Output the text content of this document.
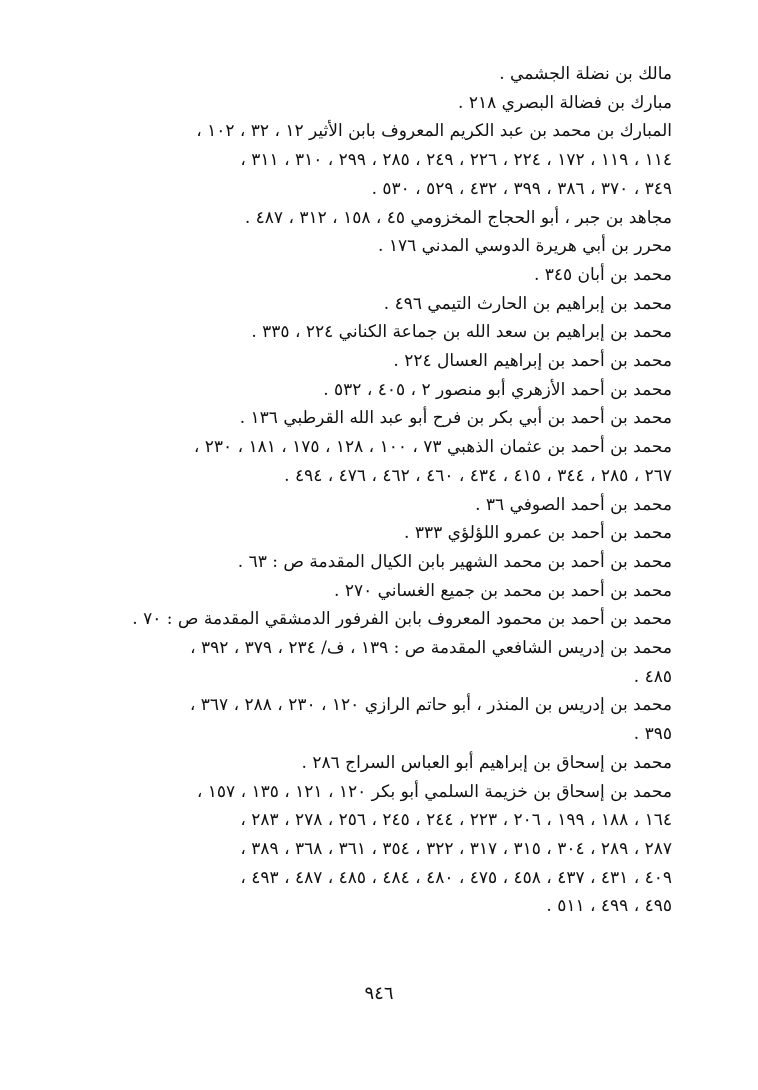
مالك بن نضلة الجشمي .
مبارك بن فضالة البصري ٢١٨ .
المبارك بن محمد بن عبد الكريم المعروف بابن الأثير ١٢ ، ٣٢ ، ١٠٢ ،
١١٤ ، ١١٩ ، ١٧٢ ، ٢٢٤ ، ٢٢٦ ، ٢٤٩ ، ٢٨٥ ، ٢٩٩ ، ٣١٠ ، ٣١١ ،
٣٤٩ ، ٣٧٠ ، ٣٨٦ ، ٣٩٩ ، ٤٣٢ ، ٥٢٩ ، ٥٣٠ .
مجاهد بن جبر ، أبو الحجاج المخزومي ٤٥ ، ١٥٨ ، ٣١٢ ، ٤٨٧ .
محرر بن أبي هريرة الدوسي المدني ١٧٦ .
محمد بن أبان ٣٤٥ .
محمد بن إبراهيم بن الحارث التيمي ٤٩٦ .
محمد بن إبراهيم بن سعد الله بن جماعة الكناني ٢٢٤ ، ٣٣٥ .
محمد بن أحمد بن إبراهيم العسال ٢٢٤ .
محمد بن أحمد الأزهري أبو منصور ٢ ، ٤٠٥ ، ٥٣٢ .
محمد بن أحمد بن أبي بكر بن فرح أبو عبد الله القرطبي ١٣٦ .
محمد بن أحمد بن عثمان الذهبي ٧٣ ، ١٠٠ ، ١٢٨ ، ١٧٥ ، ١٨١ ، ٢٣٠ ،
٢٦٧ ، ٢٨٥ ، ٣٤٤ ، ٤١٥ ، ٤٣٤ ، ٤٦٠ ، ٤٦٢ ، ٤٧٦ ، ٤٩٤ .
محمد بن أحمد الصوفي ٣٦ .
محمد بن أحمد بن عمرو اللؤلؤي ٣٣٣ .
محمد بن أحمد بن محمد الشهير بابن الكيال المقدمة ص : ٦٣ .
محمد بن أحمد بن محمد بن جميع الغساني ٢٧٠ .
محمد بن أحمد بن محمود المعروف بابن الفرفور الدمشقي المقدمة ص : ٧٠ .
محمد بن إدريس الشافعي المقدمة ص : ١٣٩ ، ف/ ٢٣٤ ، ٣٧٩ ، ٣٩٢ ،
٤٨٥ .
محمد بن إدريس بن المنذر ، أبو حاتم الرازي ١٢٠ ، ٢٣٠ ، ٢٨٨ ، ٣٦٧ ،
٣٩٥ .
محمد بن إسحاق بن إبراهيم أبو العباس السراج ٢٨٦ .
محمد بن إسحاق بن خزيمة السلمي أبو بكر ١٢٠ ، ١٢١ ، ١٣٥ ، ١٥٧ ،
١٦٤ ، ١٨٨ ، ١٩٩ ، ٢٠٦ ، ٢٢٣ ، ٢٤٤ ، ٢٤٥ ، ٢٥٦ ، ٢٧٨ ، ٢٨٣ ،
٢٨٧ ، ٢٨٩ ، ٣٠٤ ، ٣١٥ ، ٣١٧ ، ٣٢٢ ، ٣٥٤ ، ٣٦١ ، ٣٦٨ ، ٣٨٩ ،
٤٠٩ ، ٤٣١ ، ٤٣٧ ، ٤٥٨ ، ٤٧٥ ، ٤٨٠ ، ٤٨٤ ، ٤٨٥ ، ٤٨٧ ، ٤٩٣ ،
٤٩٥ ، ٤٩٩ ، ٥١١ .
٩٤٦
